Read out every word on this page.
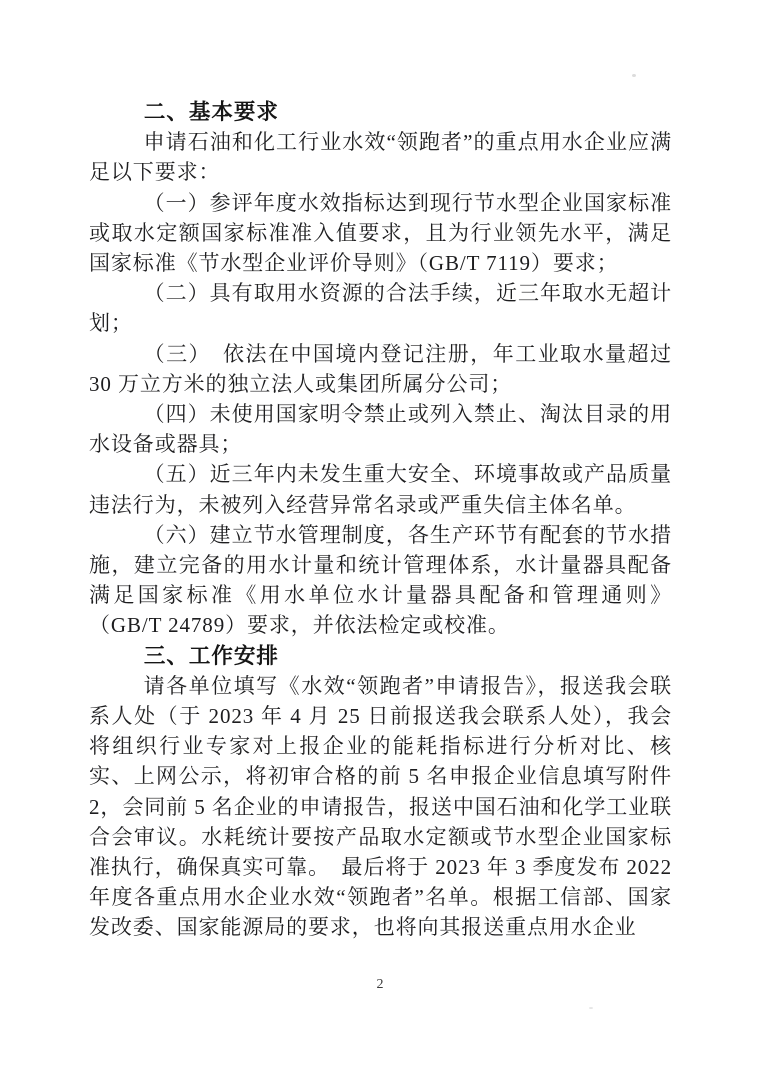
二、基本要求

申请石油和化工行业水效“领跑者”的重点用水企业应满足以下要求：

（一）参评年度水效指标达到现行节水型企业国家标准或取水定额国家标准准入值要求，且为行业领先水平，满足国家标准《节水型企业评价导则》（GB/T 7119）要求；

（二）具有取用水资源的合法手续，近三年取水无超计划；

（三）　依法在中国境内登记注册，年工业取水量超过 30 万立方米的独立法人或集团所属分公司；

（四）未使用国家明令禁止或列入禁止、淘汰目录的用水设备或器具；

（五）近三年内未发生重大安全、环境事故或产品质量违法行为，未被列入经营异常名录或严重失信主体名单。

（六）建立节水管理制度，各生产环节有配套的节水措施，建立完备的用水计量和统计管理体系，水计量器具配备满足国家标准《用水单位水计量器具配备和管理通则》（GB/T 24789）要求，并依法检定或校准。

三、工作安排

请各单位填写《水效“领跑者”申请报告》，报送我会联系人处（于 2023 年 4 月 25 日前报送我会联系人处），我会将组织行业专家对上报企业的能耗指标进行分析对比、核实、上网公示，将初审合格的前 5 名申报企业信息填写附件 2，会同前 5 名企业的申请报告，报送中国石油和化学工业联合会审议。水耗统计要按产品取水定额或节水型企业国家标准执行，确保真实可靠。　最后将于 2023 年 3 季度发布 2022 年度各重点用水企业水效“领跑者”名单。根据工信部、国家发改委、国家能源局的要求，也将向其报送重点用水企业

2
